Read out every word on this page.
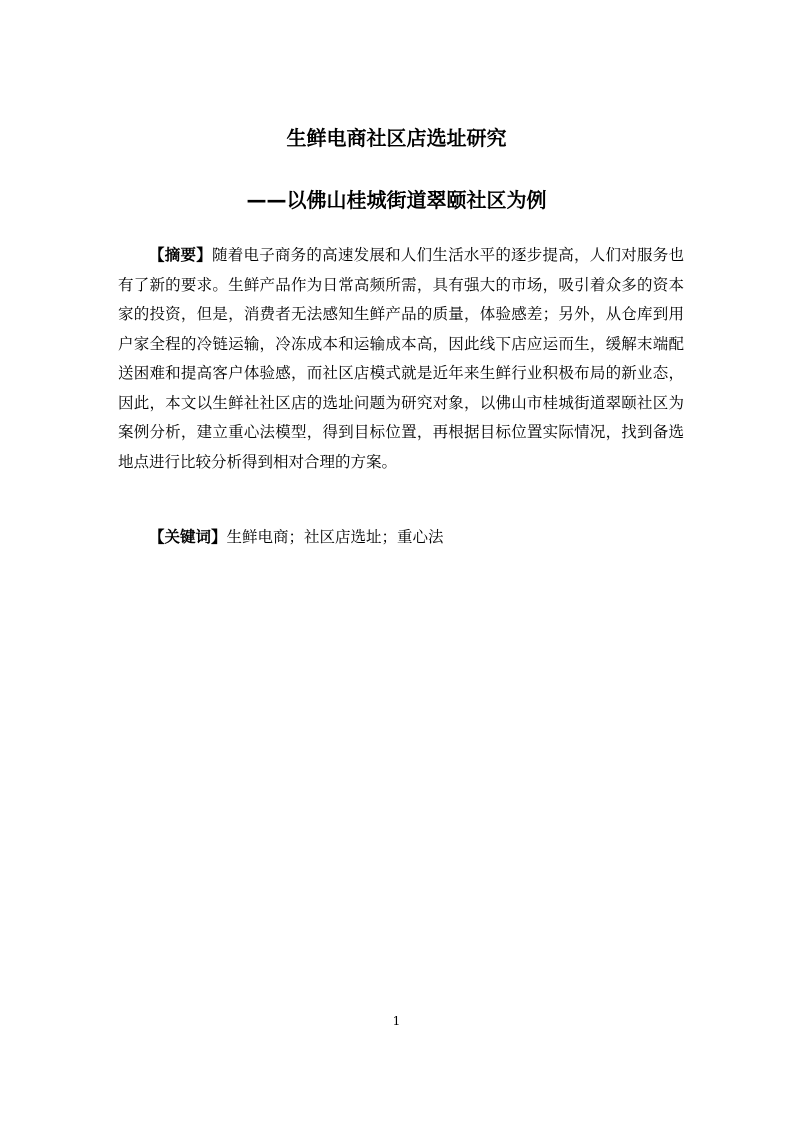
生鲜电商社区店选址研究
——以佛山桂城街道翠颐社区为例

【摘要】随着电子商务的高速发展和人们生活水平的逐步提高，人们对服务也有了新的要求。生鲜产品作为日常高频所需，具有强大的市场，吸引着众多的资本家的投资，但是，消费者无法感知生鲜产品的质量，体验感差；另外，从仓库到用户家全程的冷链运输，冷冻成本和运输成本高，因此线下店应运而生，缓解末端配送困难和提高客户体验感，而社区店模式就是近年来生鲜行业积极布局的新业态，因此，本文以生鲜社社区店的选址问题为研究对象，以佛山市桂城街道翠颐社区为案例分析，建立重心法模型，得到目标位置，再根据目标位置实际情况，找到备选地点进行比较分析得到相对合理的方案。

【关键词】生鲜电商；社区店选址；重心法

1
